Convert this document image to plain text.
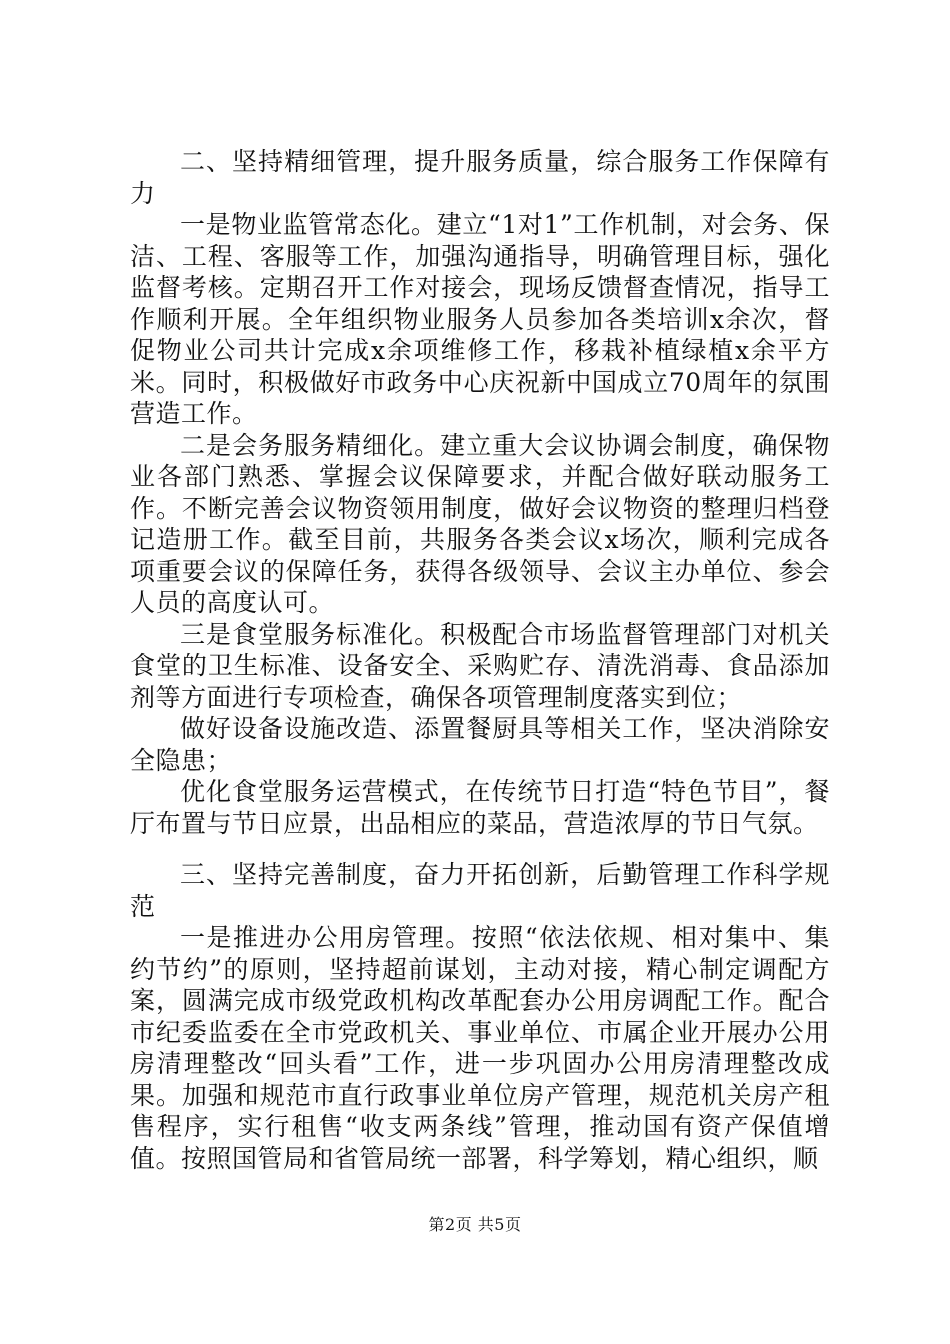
二、坚持精细管理，提升服务质量，综合服务工作保障有力

一是物业监管常态化。建立“1对1”工作机制，对会务、保洁、工程、客服等工作，加强沟通指导，明确管理目标，强化监督考核。定期召开工作对接会，现场反馈督查情况，指导工作顺利开展。全年组织物业服务人员参加各类培训x余次，督促物业公司共计完成x余项维修工作，移栽补植绿植x余平方米。同时，积极做好市政务中心庆祝新中国成立70周年的氛围营造工作。

二是会务服务精细化。建立重大会议协调会制度，确保物业各部门熟悉、掌握会议保障要求，并配合做好联动服务工作。不断完善会议物资领用制度，做好会议物资的整理归档登记造册工作。截至目前，共服务各类会议x场次，顺利完成各项重要会议的保障任务，获得各级领导、会议主办单位、参会人员的高度认可。

三是食堂服务标准化。积极配合市场监督管理部门对机关食堂的卫生标准、设备安全、采购贮存、清洗消毒、食品添加剂等方面进行专项检查，确保各项管理制度落实到位；

做好设备设施改造、添置餐厨具等相关工作，坚决消除安全隐患；

优化食堂服务运营模式，在传统节日打造“特色节目”，餐厅布置与节日应景，出品相应的菜品，营造浓厚的节日气氛。

三、坚持完善制度，奋力开拓创新，后勤管理工作科学规范

一是推进办公用房管理。按照“依法依规、相对集中、集约节约”的原则，坚持超前谋划，主动对接，精心制定调配方案，圆满完成市级党政机构改革配套办公用房调配工作。配合市纪委监委在全市党政机关、事业单位、市属企业开展办公用房清理整改“回头看”工作，进一步巩固办公用房清理整改成果。加强和规范市直行政事业单位房产管理，规范机关房产租售程序，实行租售“收支两条线”管理，推动国有资产保值增值。按照国管局和省管局统一部署，科学筹划，精心组织，顺

第2页 共5页
